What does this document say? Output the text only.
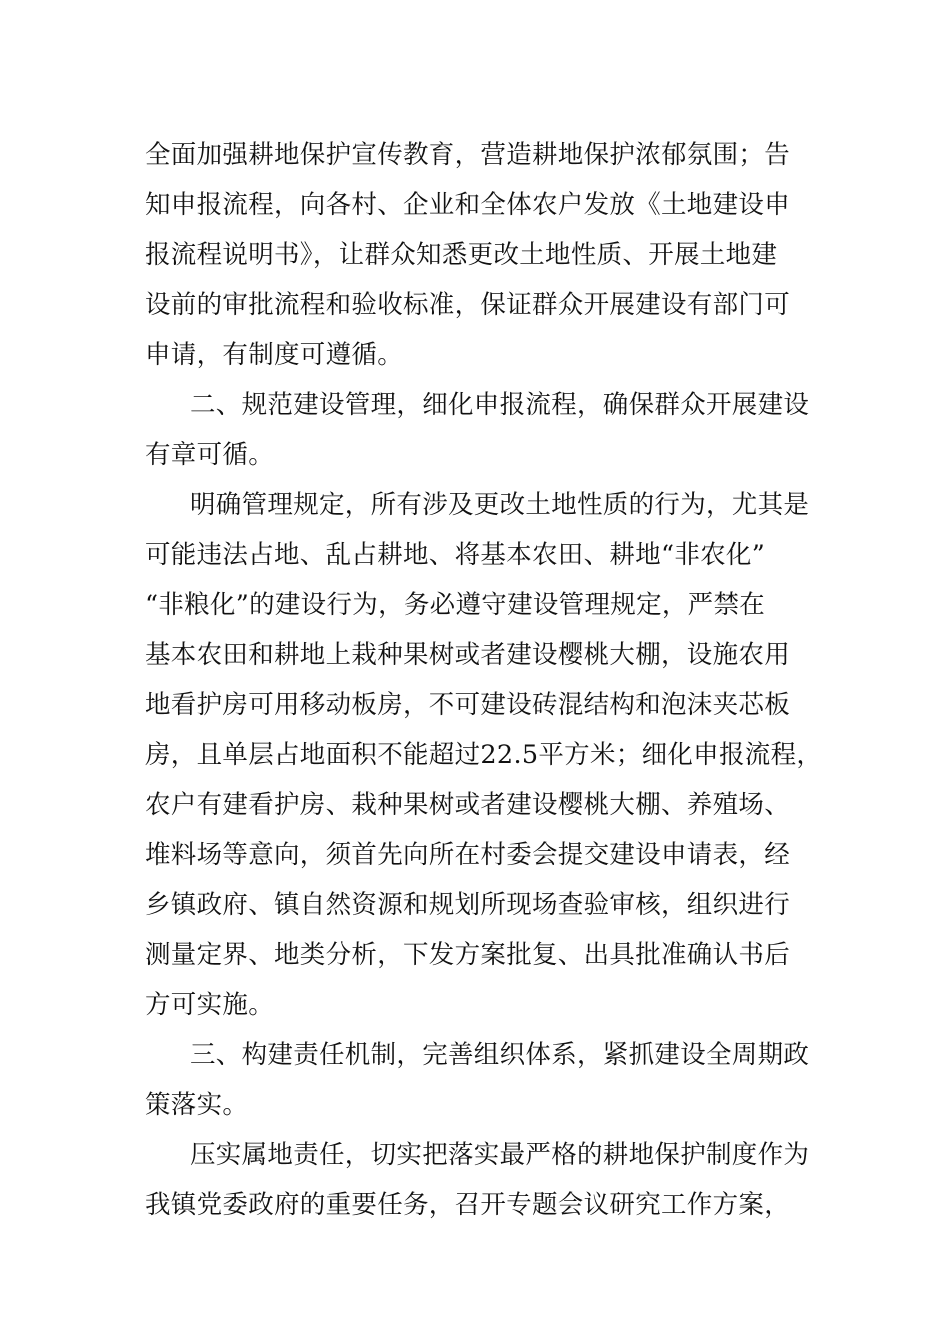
全面加强耕地保护宣传教育，营造耕地保护浓郁氛围；告
知申报流程，向各村、企业和全体农户发放《土地建设申
报流程说明书》，让群众知悉更改土地性质、开展土地建
设前的审批流程和验收标准，保证群众开展建设有部门可
申请，有制度可遵循。
二、规范建设管理，细化申报流程，确保群众开展建设
有章可循。
明确管理规定，所有涉及更改土地性质的行为，尤其是
可能违法占地、乱占耕地、将基本农田、耕地“非农化”
“非粮化”的建设行为，务必遵守建设管理规定，严禁在
基本农田和耕地上栽种果树或者建设樱桃大棚，设施农用
地看护房可用移动板房，不可建设砖混结构和泡沫夹芯板
房，且单层占地面积不能超过22.5平方米；细化申报流程，
农户有建看护房、栽种果树或者建设樱桃大棚、养殖场、
堆料场等意向，须首先向所在村委会提交建设申请表，经
乡镇政府、镇自然资源和规划所现场查验审核，组织进行
测量定界、地类分析，下发方案批复、出具批准确认书后
方可实施。
三、构建责任机制，完善组织体系，紧抓建设全周期政
策落实。
压实属地责任，切实把落实最严格的耕地保护制度作为
我镇党委政府的重要任务，召开专题会议研究工作方案，
